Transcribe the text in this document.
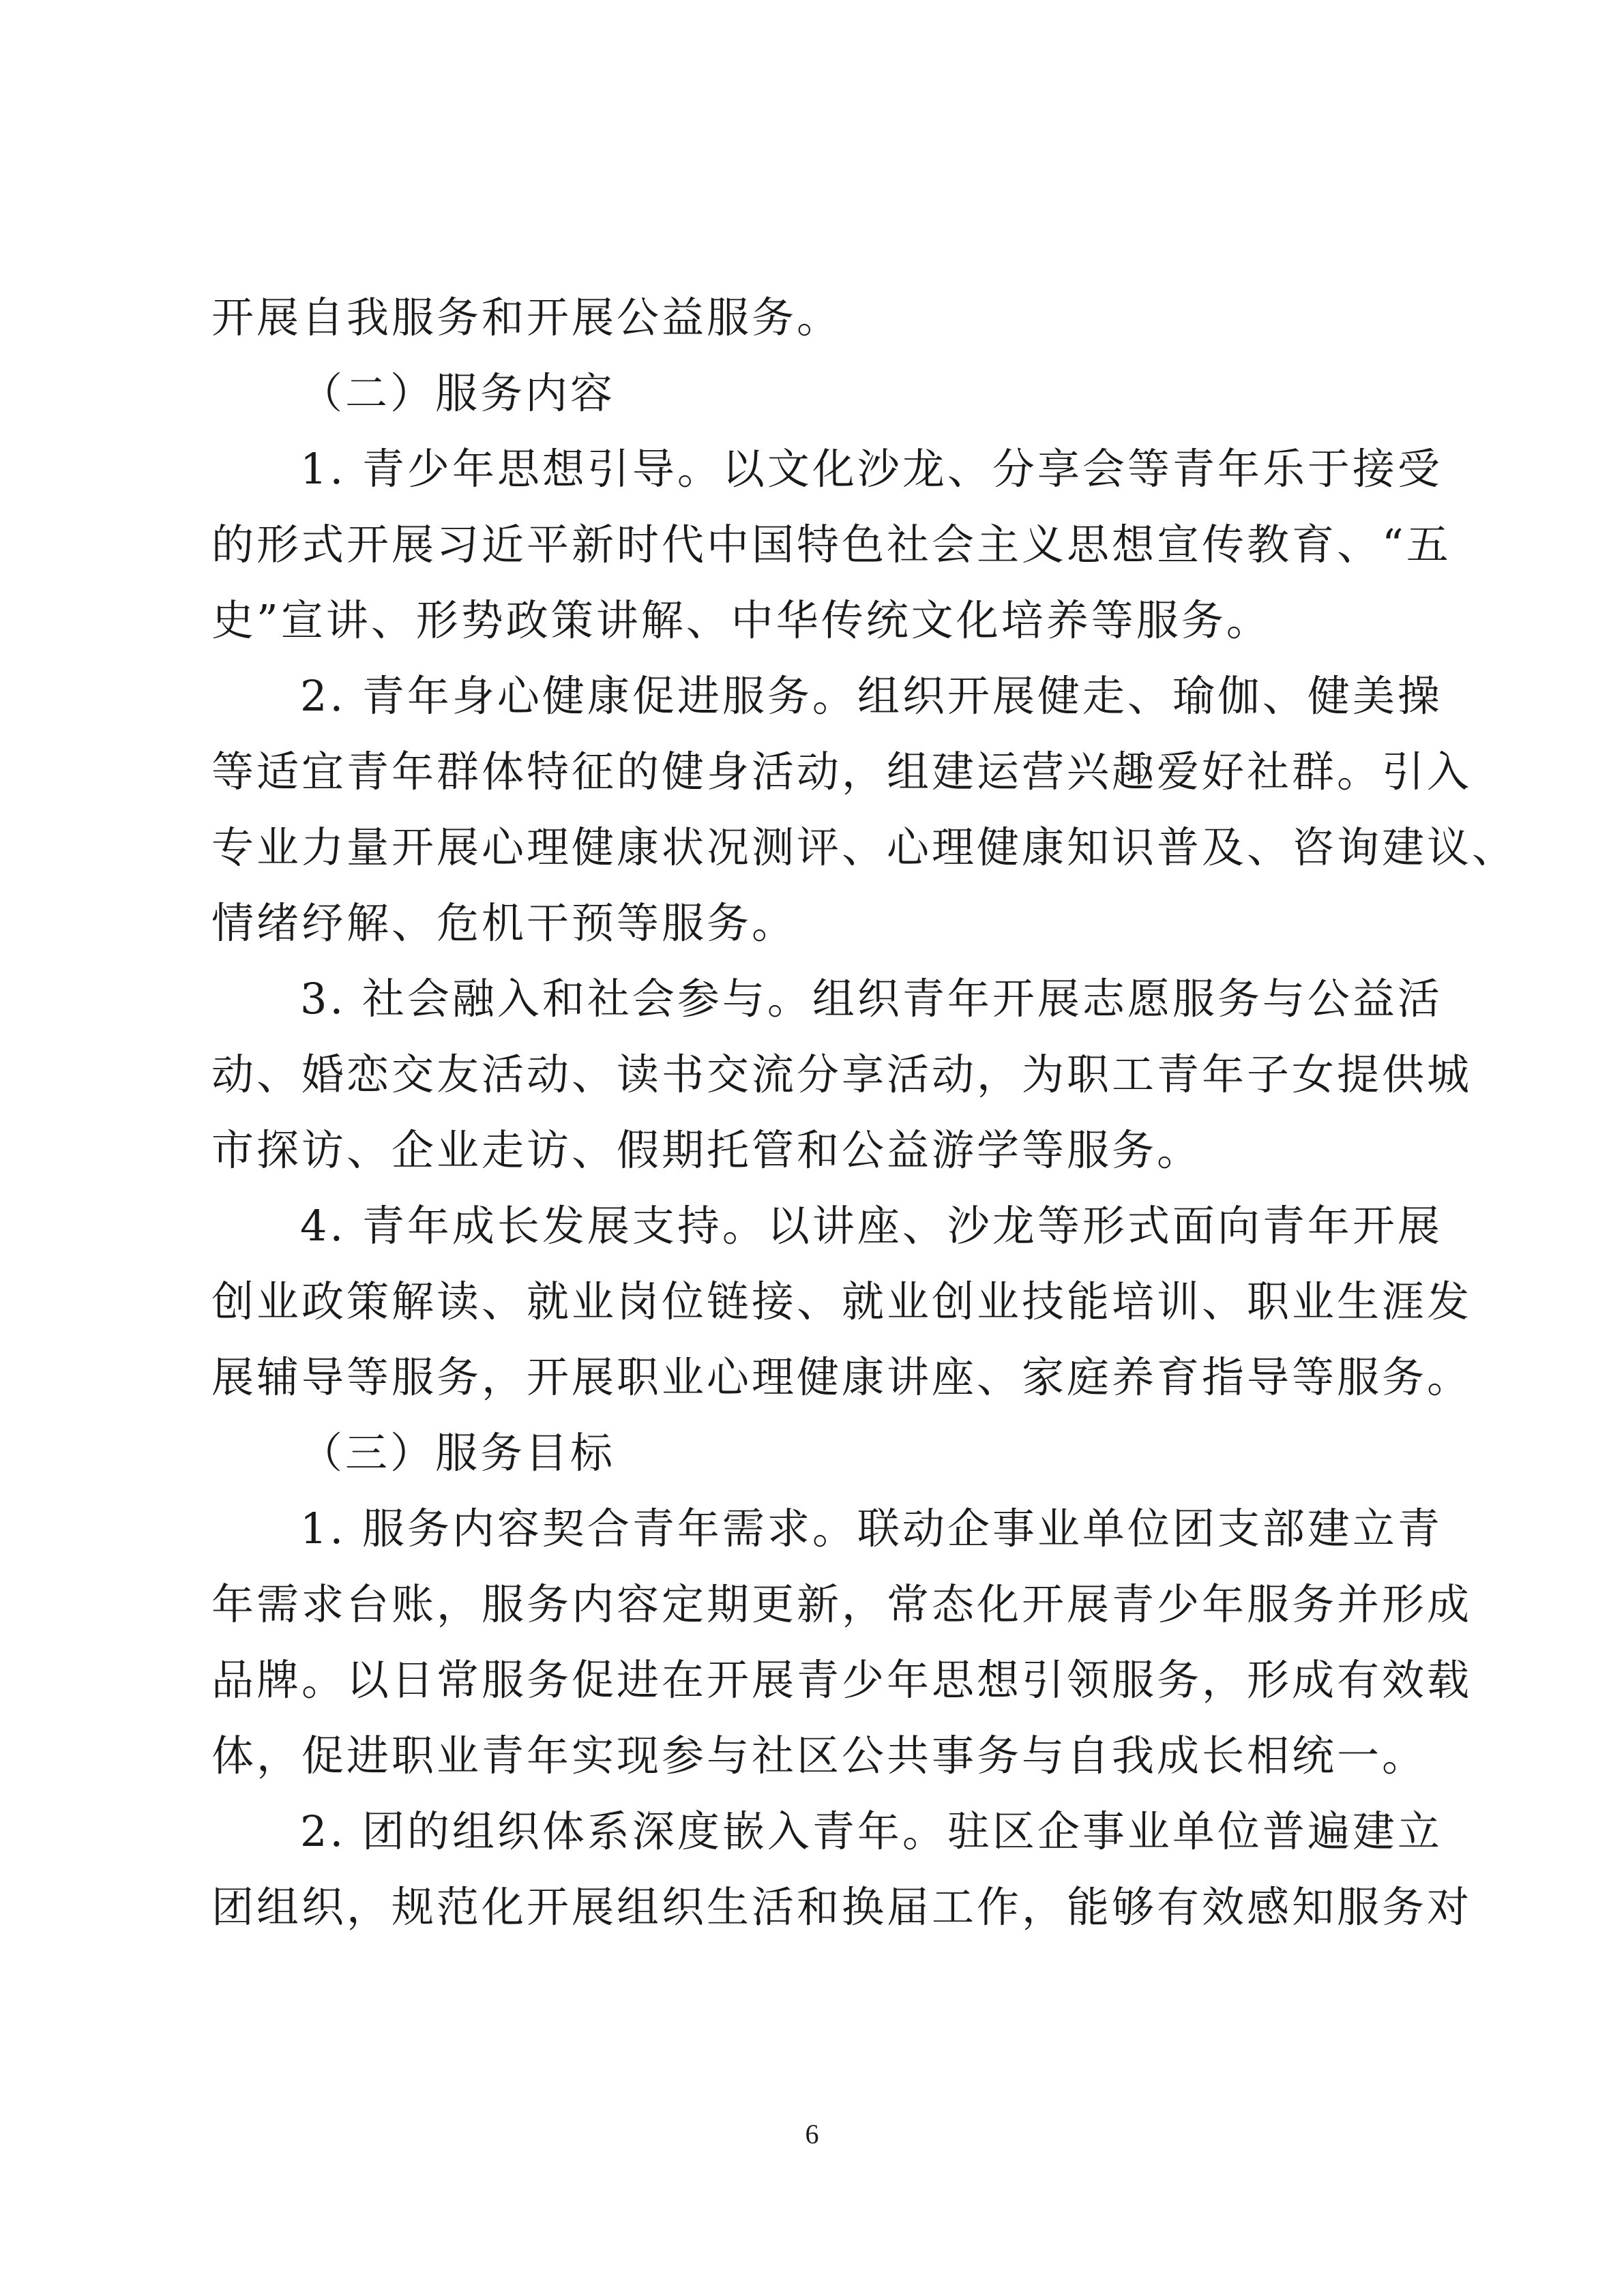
开展自我服务和开展公益服务。
（二）服务内容
1. 青少年思想引导。以文化沙龙、分享会等青年乐于接受
的形式开展习近平新时代中国特色社会主义思想宣传教育、“五
史”宣讲、形势政策讲解、中华传统文化培养等服务。
2. 青年身心健康促进服务。组织开展健走、瑜伽、健美操
等适宜青年群体特征的健身活动，组建运营兴趣爱好社群。引入
专业力量开展心理健康状况测评、心理健康知识普及、咨询建议、
情绪纾解、危机干预等服务。
3. 社会融入和社会参与。组织青年开展志愿服务与公益活
动、婚恋交友活动、读书交流分享活动，为职工青年子女提供城
市探访、企业走访、假期托管和公益游学等服务。
4. 青年成长发展支持。以讲座、沙龙等形式面向青年开展
创业政策解读、就业岗位链接、就业创业技能培训、职业生涯发
展辅导等服务，开展职业心理健康讲座、家庭养育指导等服务。
（三）服务目标
1. 服务内容契合青年需求。联动企事业单位团支部建立青
年需求台账，服务内容定期更新，常态化开展青少年服务并形成
品牌。以日常服务促进在开展青少年思想引领服务，形成有效载
体，促进职业青年实现参与社区公共事务与自我成长相统一。
2. 团的组织体系深度嵌入青年。驻区企事业单位普遍建立
团组织，规范化开展组织生活和换届工作，能够有效感知服务对
6
